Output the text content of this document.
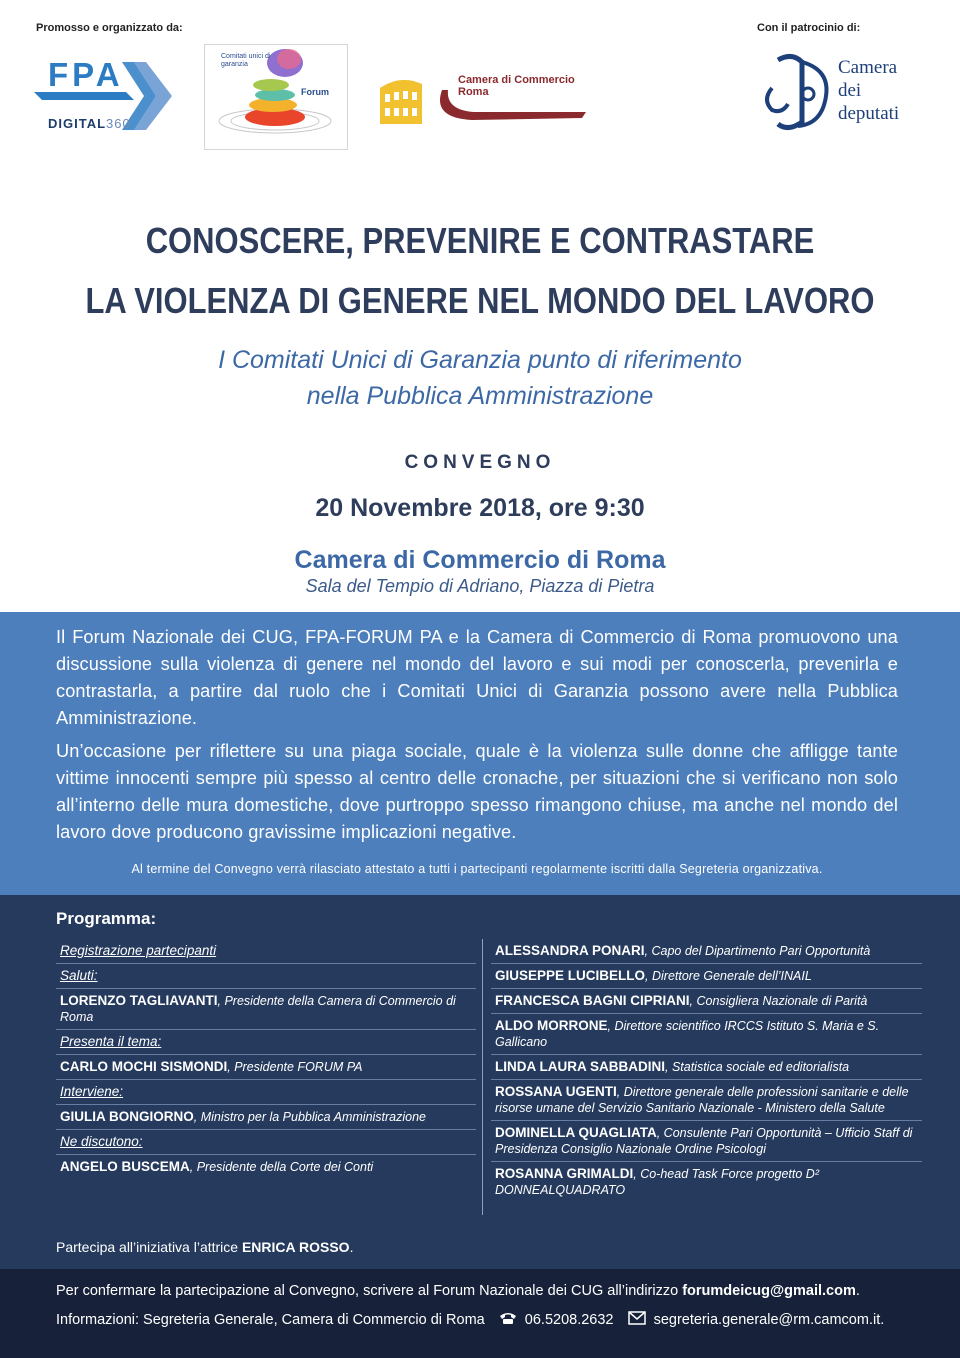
Promosso e organizzato da:	Con il patrocinio di:
FPA
DIGITAL360
Comitati unici di garanzia
Forum
Camera di Commercio
Roma
Camera
dei
deputati
CONOSCERE, PREVENIRE E CONTRASTARE
LA VIOLENZA DI GENERE NEL MONDO DEL LAVORO
I Comitati Unici di Garanzia punto di riferimento
nella Pubblica Amministrazione
CONVEGNO
20 Novembre 2018, ore 9:30
Camera di Commercio di Roma
Sala del Tempio di Adriano, Piazza di Pietra

Il Forum Nazionale dei CUG, FPA-FORUM PA e la Camera di Commercio di Roma promuovono una discussione sulla violenza di genere nel mondo del lavoro e sui modi per conoscerla, prevenirla e contrastarla, a partire dal ruolo che i Comitati Unici di Garanzia possono avere nella Pubblica Amministrazione.

Un’occasione per riflettere su una piaga sociale, quale è la violenza sulle donne che affligge tante vittime innocenti sempre più spesso al centro delle cronache, per situazioni che si verificano non solo all’interno delle mura domestiche, dove purtroppo spesso rimangono chiuse, ma anche nel mondo del lavoro dove producono gravissime implicazioni negative.

Al termine del Convegno verrà rilasciato attestato a tutti i partecipanti regolarmente iscritti dalla Segreteria organizzativa.

Programma:
Registrazione partecipanti
Saluti:
LORENZO TAGLIAVANTI, Presidente della Camera di Commercio di Roma
Presenta il tema:
CARLO MOCHI SISMONDI, Presidente FORUM PA
Interviene:
GIULIA BONGIORNO, Ministro per la Pubblica Amministrazione
Ne discutono:
ANGELO BUSCEMA, Presidente della Corte dei Conti
ALESSANDRA PONARI, Capo del Dipartimento Pari Opportunità
GIUSEPPE LUCIBELLO, Direttore Generale dell’INAIL
FRANCESCA BAGNI CIPRIANI, Consigliera Nazionale di Parità
ALDO MORRONE, Direttore scientifico IRCCS Istituto S. Maria e S. Gallicano
LINDA LAURA SABBADINI, Statistica sociale ed editorialista
ROSSANA UGENTI, Direttore generale delle professioni sanitarie e delle risorse umane del Servizio Sanitario Nazionale - Ministero della Salute
DOMINELLA QUAGLIATA, Consulente Pari Opportunità – Ufficio Staff di Presidenza Consiglio Nazionale Ordine Psicologi
ROSANNA GRIMALDI, Co-head Task Force progetto D² DONNEALQUADRATO
Partecipa all’iniziativa l’attrice ENRICA ROSSO.
Per confermare la partecipazione al Convegno, scrivere al Forum Nazionale dei CUG all’indirizzo forumdeicug@gmail.com.
Informazioni: Segreteria Generale, Camera di Commercio di Roma	06.5208.2632	segreteria.generale@rm.camcom.it.
